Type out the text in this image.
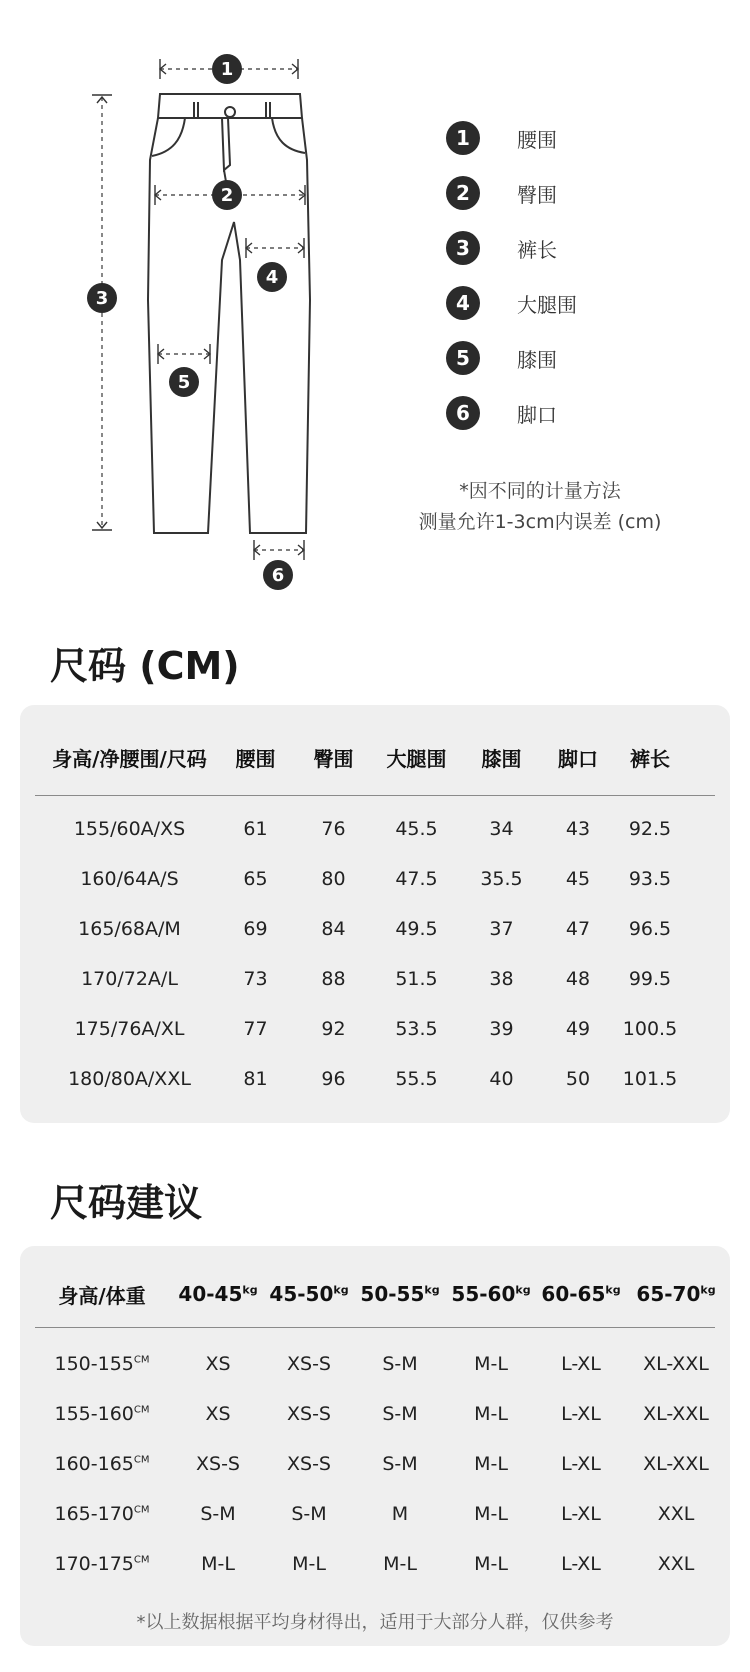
1
2
3
4
5
6
1	腰围
2	臀围
3	裤长
4	大腿围
5	膝围
6	脚口
*因不同的计量方法
测量允许1-3cm内误差 (cm)
尺码 (CM)
身高/净腰围/尺码	腰围	臀围	大腿围	膝围	脚口	裤长
155/60A/XS	61	76	45.5	34	43	92.5
160/64A/S	65	80	47.5	35.5	45	93.5
165/68A/M	69	84	49.5	37	47	96.5
170/72A/L	73	88	51.5	38	48	99.5
175/76A/XL	77	92	53.5	39	49	100.5
180/80A/XXL	81	96	55.5	40	50	101.5
尺码建议
身高/体重	$40-45^{kg}$ $45-50^{kg}$ $50-55^{kg}$ $55-60^{kg}$ $60-65^{kg}$ $65-70^{kg}$
$150-155^{CM}$	XS	XS-S	S-M	M-L	L-XL	XL-XXL
$155-160^{CM}$	XS	XS-S	S-M	M-L	L-XL	XL-XXL
$160-165^{CM}$	XS-S	XS-S	S-M	M-L	L-XL	XL-XXL
$165-170^{CM}$	S-M	S-M	M	M-L	L-XL	XXL
$170-175^{CM}$	M-L	M-L	M-L	M-L	L-XL	XXL
*以上数据根据平均身材得出，适用于大部分人群，仅供参考
